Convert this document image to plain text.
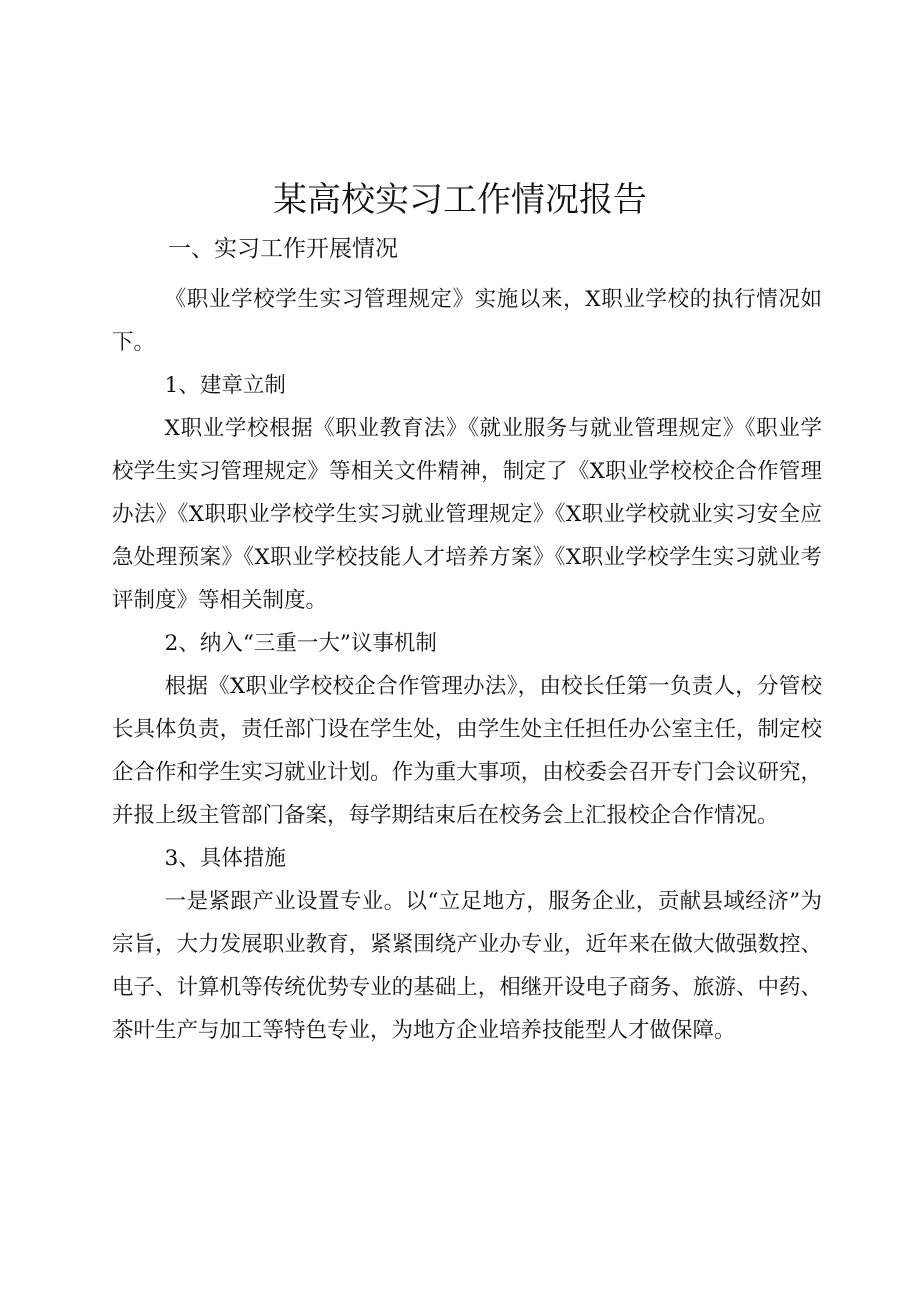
某高校实习工作情况报告
一、实习工作开展情况

《职业学校学生实习管理规定》实施以来，X职业学校的执行情况如下。

1、建章立制

X职业学校根据《职业教育法》《就业服务与就业管理规定》《职业学校学生实习管理规定》等相关文件精神，制定了《X职业学校校企合作管理办法》《X职职业学校学生实习就业管理规定》《X职业学校就业实习安全应急处理预案》《X职业学校技能人才培养方案》《X职业学校学生实习就业考评制度》等相关制度。

2、纳入“三重一大”议事机制

根据《X职业学校校企合作管理办法》，由校长任第一负责人，分管校长具体负责，责任部门设在学生处，由学生处主任担任办公室主任，制定校企合作和学生实习就业计划。作为重大事项，由校委会召开专门会议研究，并报上级主管部门备案，每学期结束后在校务会上汇报校企合作情况。

3、具体措施

一是紧跟产业设置专业。以“立足地方，服务企业，贡献县域经济”为宗旨，大力发展职业教育，紧紧围绕产业办专业，近年来在做大做强数控、电子、计算机等传统优势专业的基础上，相继开设电子商务、旅游、中药、茶叶生产与加工等特色专业，为地方企业培养技能型人才做保障。
